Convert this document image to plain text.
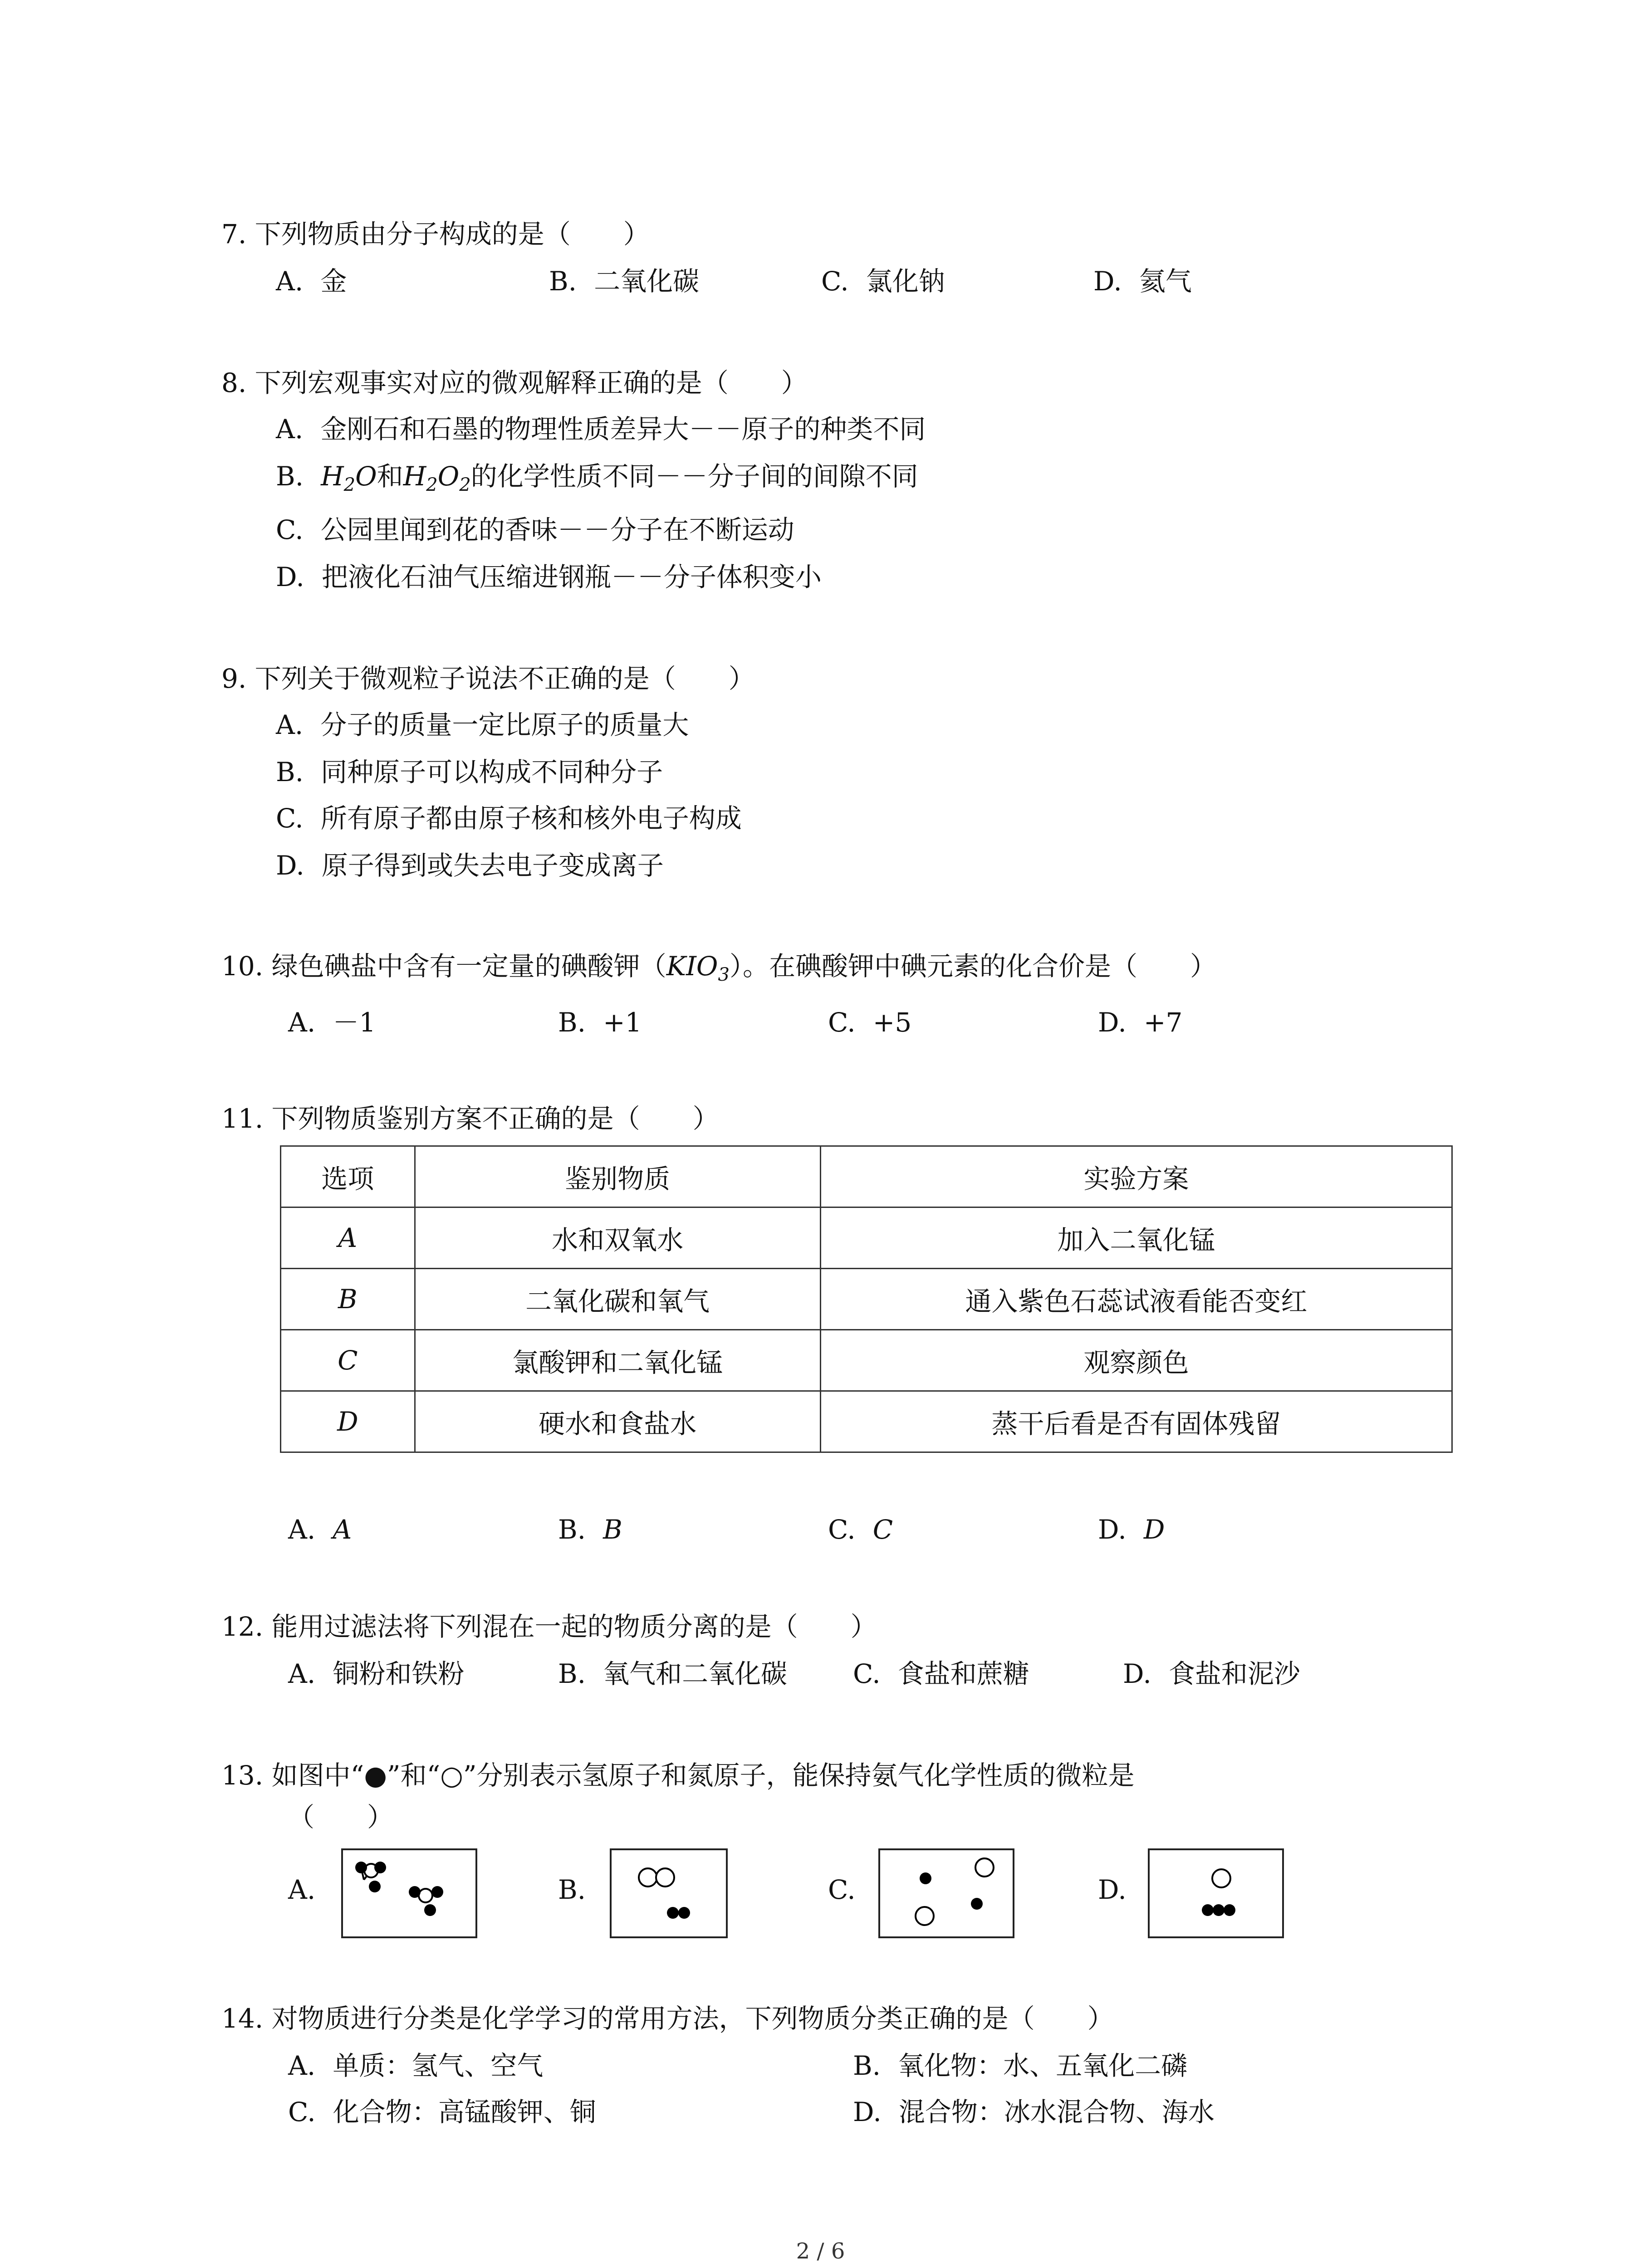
7. 下列物质由分子构成的是（　　）
A. 金	B. 二氧化碳	C. 氯化钠	D. 氦气
8. 下列宏观事实对应的微观解释正确的是（　　）
A. 金刚石和石墨的物理性质差异大－－原子的种类不同
B. $H_2O$和$H_2O_2$的化学性质不同－－分子间的间隙不同
C. 公园里闻到花的香味－－分子在不断运动
D. 把液化石油气压缩进钢瓶－－分子体积变小
9. 下列关于微观粒子说法不正确的是（　　）
A. 分子的质量一定比原子的质量大
B. 同种原子可以构成不同种分子
C. 所有原子都由原子核和核外电子构成
D. 原子得到或失去电子变成离子
10. 绿色碘盐中含有一定量的碘酸钾$(KIO_3)$。在碘酸钾中碘元素的化合价是（　　）
A. －1	B. +1	C. +5	D. +7
11. 下列物质鉴别方案不正确的是（　　）
选项	鉴别物质	实验方案
A	水和双氧水	加入二氧化锰
B	二氧化碳和氧气	通入紫色石蕊试液看能否变红
C	氯酸钾和二氧化锰	观察颜色
D	硬水和食盐水	蒸干后看是否有固体残留
A. A	B. B	C. C	D. D
12. 能用过滤法将下列混在一起的物质分离的是（　　）
A. 铜粉和铁粉	B. 氧气和二氧化碳 C. 食盐和蔗糖	D. 食盐和泥沙
13. 如图中“●”和“○”分别表示氢原子和氮原子，能保持氨气化学性质的微粒是
（　　）
A.	B.	C.	D.
14. 对物质进行分类是化学学习的常用方法，下列物质分类正确的是（　　）
A. 单质：氢气、空气	B. 氧化物：水、五氧化二磷
C. 化合物：高锰酸钾、铜	D. 混合物：冰水混合物、海水
2 / 6
